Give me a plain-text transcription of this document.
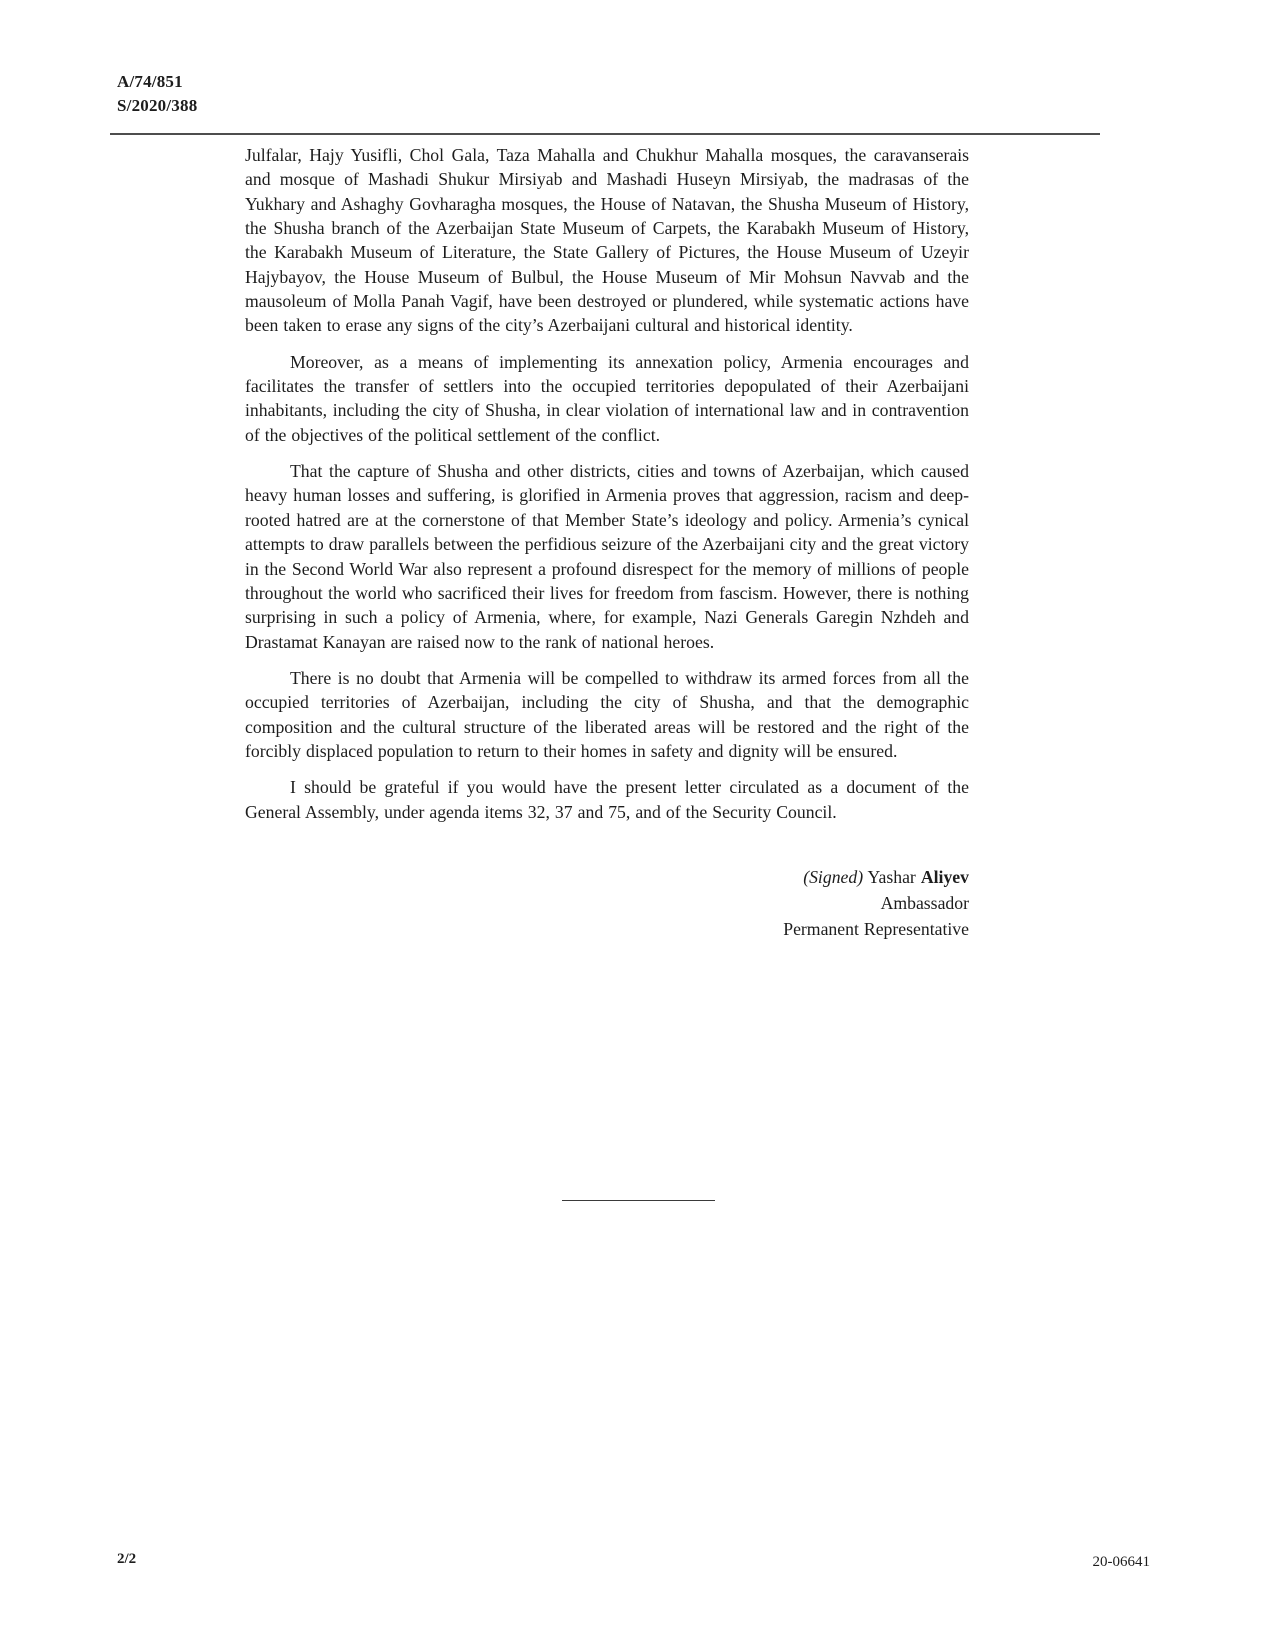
A/74/851
S/2020/388

Julfalar, Hajy Yusifli, Chol Gala, Taza Mahalla and Chukhur Mahalla mosques, the caravanserais and mosque of Mashadi Shukur Mirsiyab and Mashadi Huseyn Mirsiyab, the madrasas of the Yukhary and Ashaghy Govharagha mosques, the House of Natavan, the Shusha Museum of History, the Shusha branch of the Azerbaijan State Museum of Carpets, the Karabakh Museum of History, the Karabakh Museum of Literature, the State Gallery of Pictures, the House Museum of Uzeyir Hajybayov, the House Museum of Bulbul, the House Museum of Mir Mohsun Navvab and the mausoleum of Molla Panah Vagif, have been destroyed or plundered, while systematic actions have been taken to erase any signs of the city’s Azerbaijani cultural and historical identity.

Moreover, as a means of implementing its annexation policy, Armenia encourages and facilitates the transfer of settlers into the occupied territories depopulated of their Azerbaijani inhabitants, including the city of Shusha, in clear violation of international law and in contravention of the objectives of the political settlement of the conflict.

That the capture of Shusha and other districts, cities and towns of Azerbaijan, which caused heavy human losses and suffering, is glorified in Armenia proves that aggression, racism and deep-rooted hatred are at the cornerstone of that Member State’s ideology and policy. Armenia’s cynical attempts to draw parallels between the perfidious seizure of the Azerbaijani city and the great victory in the Second World War also represent a profound disrespect for the memory of millions of people throughout the world who sacrificed their lives for freedom from fascism. However, there is nothing surprising in such a policy of Armenia, where, for example, Nazi Generals Garegin Nzhdeh and Drastamat Kanayan are raised now to the rank of national heroes.

There is no doubt that Armenia will be compelled to withdraw its armed forces from all the occupied territories of Azerbaijan, including the city of Shusha, and that the demographic composition and the cultural structure of the liberated areas will be restored and the right of the forcibly displaced population to return to their homes in safety and dignity will be ensured.

I should be grateful if you would have the present letter circulated as a document of the General Assembly, under agenda items 32, 37 and 75, and of the Security Council.

(Signed) Yashar Aliyev
Ambassador
Permanent Representative
2/2	20-06641
